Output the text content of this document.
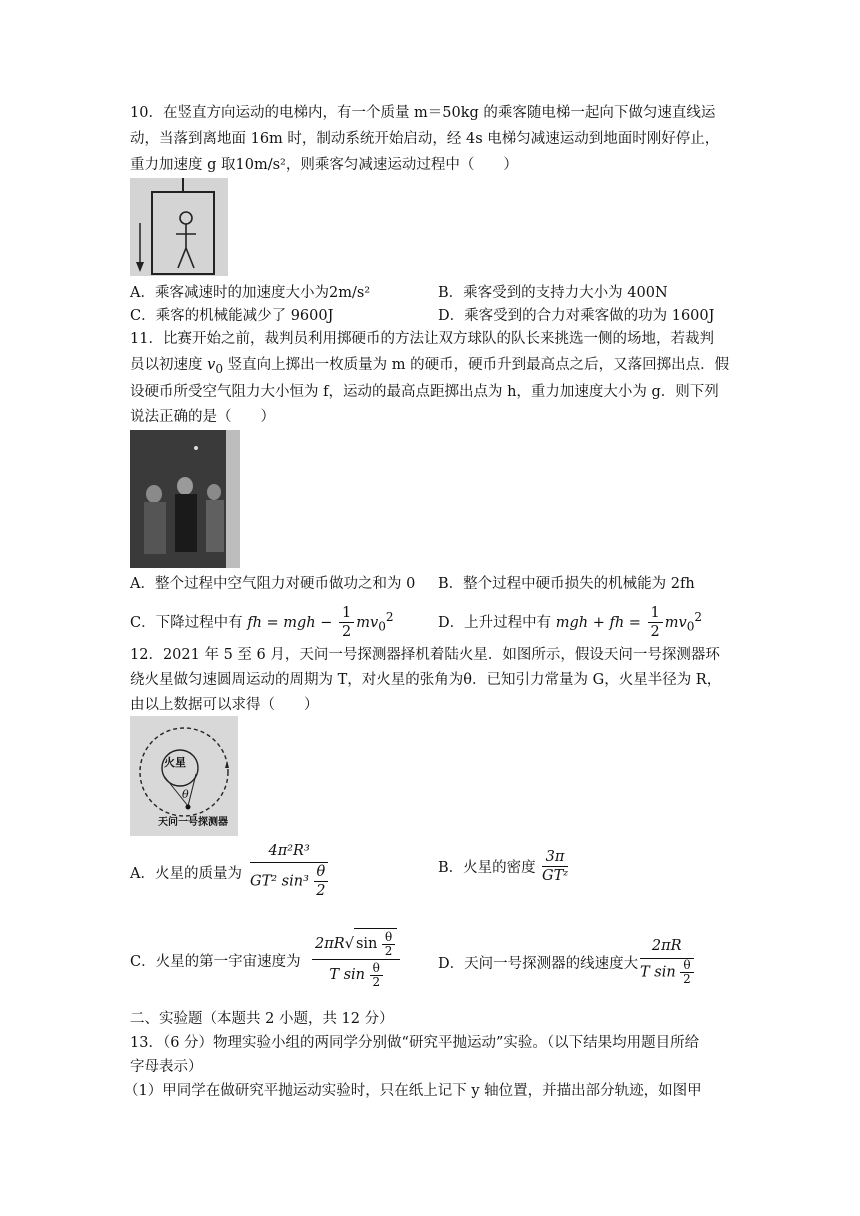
10．在竖直方向运动的电梯内，有一个质量 m＝50kg 的乘客随电梯一起向下做匀速直线运
动，当落到离地面 16m 时，制动系统开始启动，经 4s 电梯匀减速运动到地面时刚好停止，
重力加速度 g 取10m/s²，则乘客匀减速运动过程中（　　）
A．乘客减速时的加速度大小为2m/s²	B．乘客受到的支持力大小为 400N
C．乘客的机械能减少了 9600J	D．乘客受到的合力对乘客做的功为 1600J
11．比赛开始之前，裁判员利用掷硬币的方法让双方球队的队长来挑选一侧的场地，若裁判
员以初速度 $v_0$ 竖直向上掷出一枚质量为 m 的硬币，硬币升到最高点之后，又落回掷出点．假
设硬币所受空气阻力大小恒为 f，运动的最高点距掷出点为 h，重力加速度大小为 g．则下列
说法正确的是（　　）
A．整个过程中空气阻力对硬币做功之和为 0 B．整个过程中硬币损失的机械能为 2fh
C．下降过程中有 fh = mgh − $\frac{1}{2} mv_0^2$	D．上升过程中有 mgh + fh = $\frac{1}{2} mv_0^2$
12．2021 年 5 至 6 月，天问一号探测器择机着陆火星．如图所示，假设天问一号探测器环
绕火星做匀速圆周运动的周期为 T，对火星的张角为θ．已知引力常量为 G，火星半径为 R，
由以上数据可以求得（　　）
火星
θ
天问一号探测器
A．火星的质量为 $\frac{\text{4π²R³}}{GT^2 \sin^3 \frac{\theta}{2}}$	B．火星的密度
3π
GTᶻ
C．火星的第一宇宙速度为 $\frac{2\pi R√ \sin \frac{\theta}{2}}{T \sin \frac{\theta}{2}}$	D．天问一号探测器的线速度大 $\frac{2\pi R}{T \sin \frac{\theta}{2}}$
二、实验题（本题共 2 小题，共 12 分）
13．（6 分）物理实验小组的两同学分别做“研究平抛运动”实验。（以下结果均用题目所给
字母表示）
（1）甲同学在做研究平抛运动实验时，只在纸上记下 y 轴位置，并描出部分轨迹，如图甲
